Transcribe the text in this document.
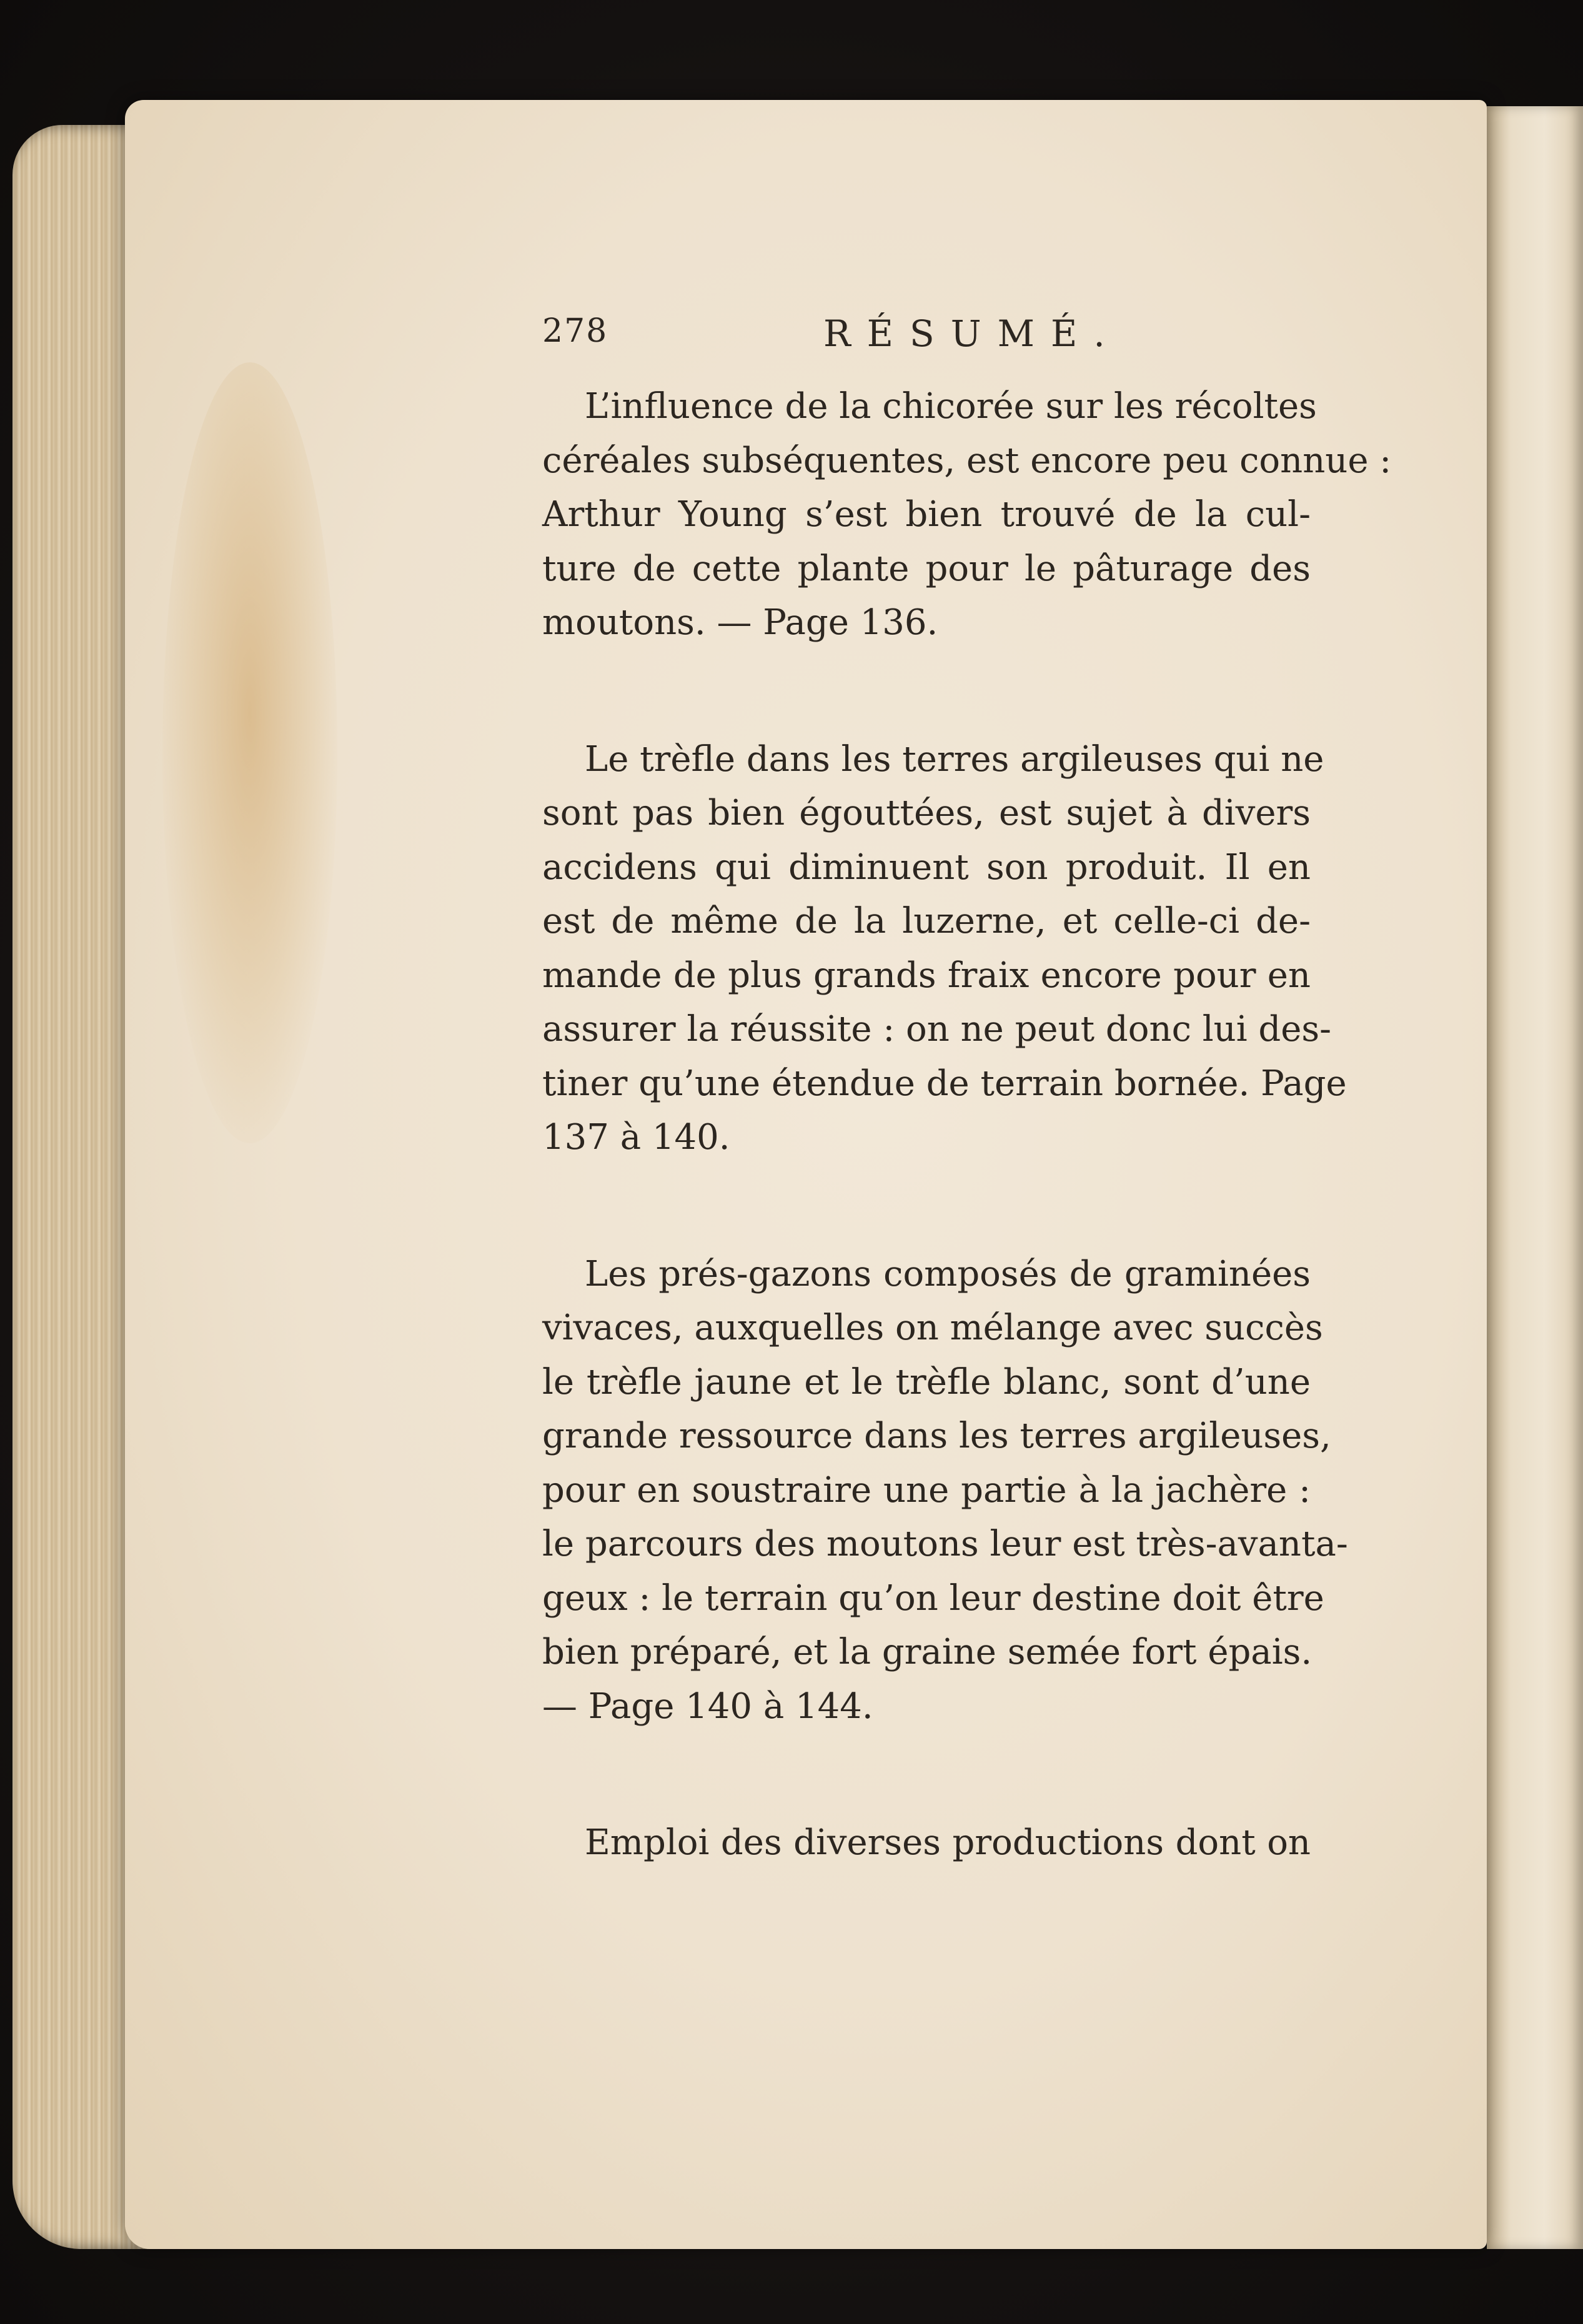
278	RÉSUMÉ.
L’influence de la chicorée sur les récoltes
céréales subséquentes, est encore peu connue :
Arthur Young s’est bien trouvé de la cul-
ture de cette plante pour le pâturage des
moutons. — Page 136.
Le trèfle dans les terres argileuses qui ne
sont pas bien égouttées, est sujet à divers
accidens qui diminuent son produit. Il en
est de même de la luzerne, et celle-ci de-
mande de plus grands fraix encore pour en
assurer la réussite : on ne peut donc lui des-
tiner qu’une étendue de terrain bornée. Page
137 à 140.
Les prés-gazons composés de graminées
vivaces, auxquelles on mélange avec succès
le trèfle jaune et le trèfle blanc, sont d’une
grande ressource dans les terres argileuses,
pour en soustraire une partie à la jachère :
le parcours des moutons leur est très-avanta-
geux : le terrain qu’on leur destine doit être
bien préparé, et la graine semée fort épais.
— Page 140 à 144.
Emploi des diverses productions dont on
